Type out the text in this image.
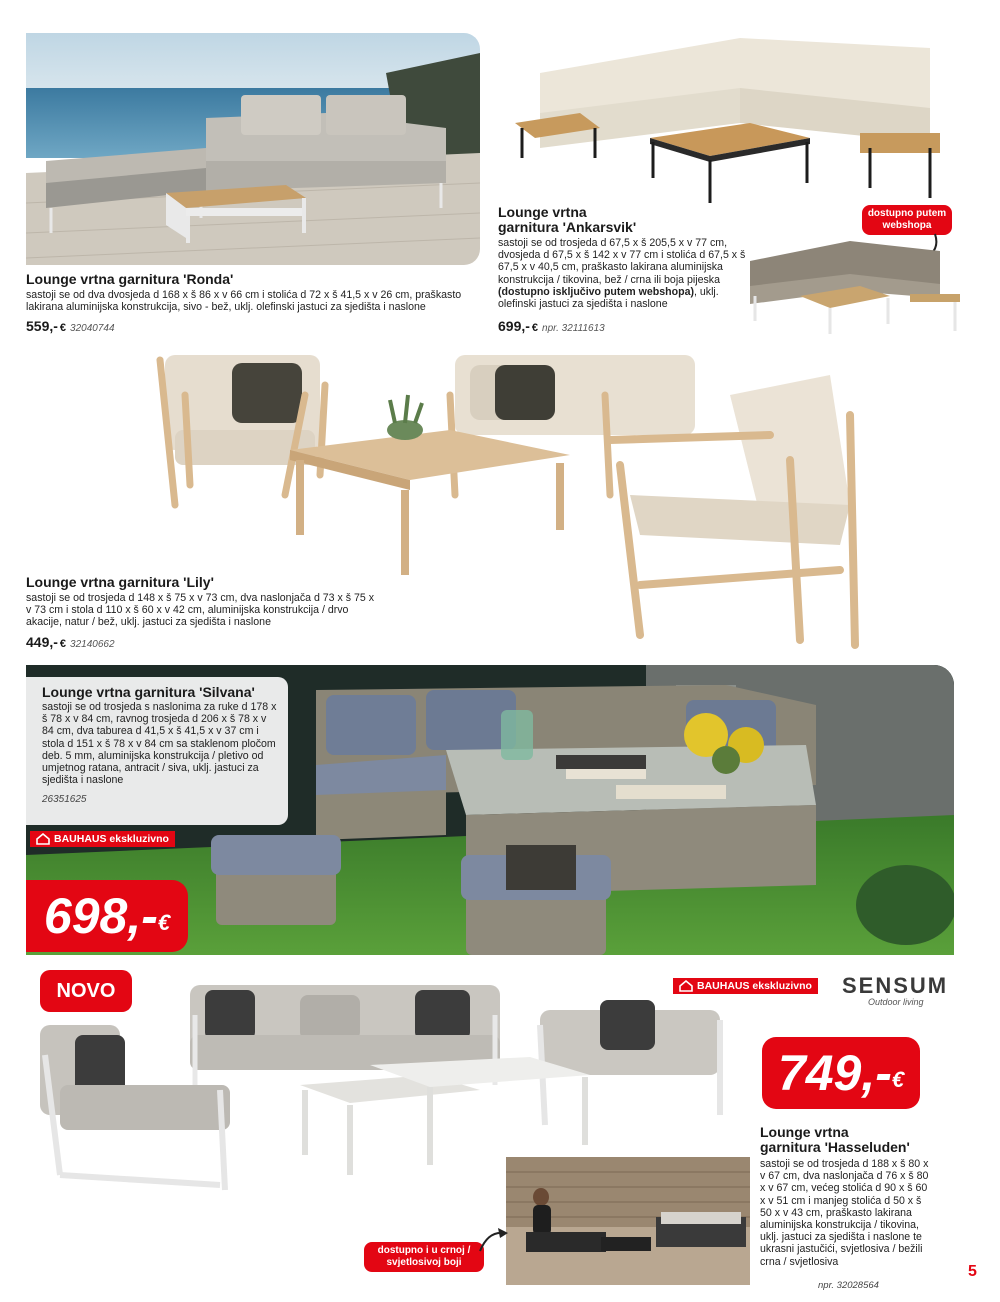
Lounge vrtna garnitura 'Ronda'
sastoji se od dva dvosjeda d 168 x š 86 x v 66 cm i stolića d 72 x š 41,5 x v 26 cm, praškasto lakirana aluminijska konstrukcija, sivo - bež, uklj. olefinski jastuci za sjedišta i naslone
559,- € 32040744
Lounge vrtna
garnitura 'Ankarsvik'
sastoji se od trosjeda d 67,5 x š 205,5 x v 77 cm, dvosjeda d 67,5 x š 142 x v 77 cm i stolića d 67,5 x š 67,5 x v 40,5 cm, praškasto lakirana aluminijska konstrukcija / tikovina, bež / crna ili boja pijeska (dostupno isključivo putem webshopa), uklj. olefinski jastuci za sjedišta i naslone
699,- € npr. 32111613
dostupno putem webshopa
Lounge vrtna garnitura 'Lily'
sastoji se od trosjeda d 148 x š 75 x v 73 cm, dva naslonjača d 73 x š 75 x v 73 cm i stola d 110 x š 60 x v 42 cm, aluminijska konstrukcija / drvo akacije, natur / bež, uklj. jastuci za sjedišta i naslone
449,- € 32140662
Lounge vrtna garnitura 'Silvana'
sastoji se od trosjeda s naslonima za ruke d 178 x š 78 x v 84 cm, ravnog trosjeda d 206 x š 78 x v 84 cm, dva taburea d 41,5 x š 41,5 x v 37 cm i stola d 151 x š 78 x v 84 cm sa staklenom pločom deb. 5 mm, aluminijska konstrukcija / pletivo od umjetnog ratana, antracit / siva, uklj. jastuci za sjedišta i naslone
26351625
BAUHAUS ekskluzivno
698,- €
NOVO	BAUHAUS ekskluzivno SENSUM
Outdoor living
749,- €
Lounge vrtna
garnitura 'Hasseluden'
sastoji se od trosjeda d 188 x š 80 x v 67 cm, dva naslonjača d 76 x š 80 x v 67 cm, većeg stolića d 90 x š 60 x v 51 cm i manjeg stolića d 50 x š 50 x v 43 cm, praškasto lakirana aluminijska konstrukcija / tikovina, uklj. jastuci za sjedišta i naslone te ukrasni jastučići, svjetlosiva / bežili crna / svjetlosiva
npr. 32028564
dostupno i u crnoj / svjetlosivoj boji
5
